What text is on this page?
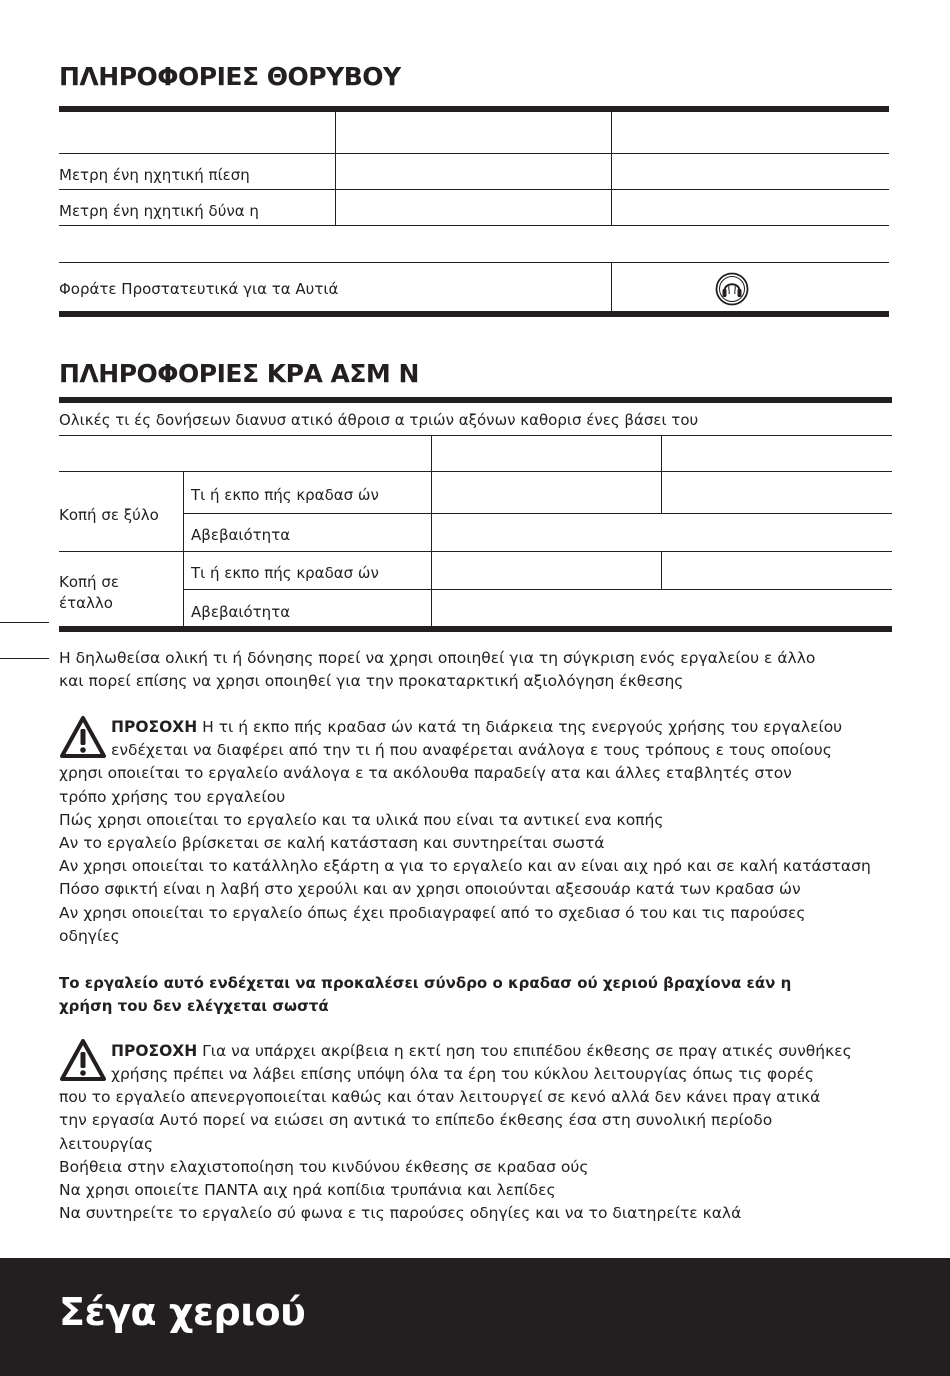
ΠΛΗΡΟΦΟΡΙΕΣ ΘΟΡΥΒΟΥ
Μετρη ένη ηχητική πίεση
Μετρη ένη ηχητική δύνα η
Φοράτε Προστατευτικά για τα Αυτιά
ΠΛΗΡΟΦΟΡΙΕΣ ΚΡΑ ΑΣΜ Ν
Ολικές τι ές δονήσεων διανυσ ατικό άθροισ α τριών αξόνων καθορισ ένες βάσει του
Κοπή σε ξύλο
Τι ή εκπο πής κραδασ ών
Αβεβαιότητα
Κοπή σε
έταλλο
Τι ή εκπο πής κραδασ ών
Αβεβαιότητα
Η δηλωθείσα ολική τι ή δόνησης πορεί να χρησι οποιηθεί για τη σύγκριση ενός εργαλείου ε άλλο
και πορεί επίσης να χρησι οποιηθεί για την προκαταρκτική αξιολόγηση έκθεσης
ΠΡΟΣΟΧΗ Η τι ή εκπο πής κραδασ ών κατά τη διάρκεια της ενεργούς χρήσης του εργαλείου
ενδέχεται να διαφέρει από την τι ή που αναφέρεται ανάλογα ε τους τρόπους ε τους οποίους
χρησι οποιείται το εργαλείο ανάλογα ε τα ακόλουθα παραδείγ ατα και άλλες εταβλητές στον
τρόπο χρήσης του εργαλείου
Πώς χρησι οποιείται το εργαλείο και τα υλικά που είναι τα αντικεί ενα κοπής
Αν το εργαλείο βρίσκεται σε καλή κατάσταση και συντηρείται σωστά
Αν χρησι οποιείται το κατάλληλο εξάρτη α για το εργαλείο και αν είναι αιχ ηρό και σε καλή κατάσταση
Πόσο σφικτή είναι η λαβή στο χερούλι και αν χρησι οποιούνται αξεσουάρ κατά των κραδασ ών
Αν χρησι οποιείται το εργαλείο όπως έχει προδιαγραφεί από το σχεδιασ ό του και τις παρούσες
οδηγίες
Το εργαλείο αυτό ενδέχεται να προκαλέσει σύνδρο ο κραδασ ού χεριού βραχίονα εάν η
χρήση του δεν ελέγχεται σωστά
ΠΡΟΣΟΧΗ Για να υπάρχει ακρίβεια η εκτί ηση του επιπέδου έκθεσης σε πραγ ατικές συνθήκες
χρήσης πρέπει να λάβει επίσης υπόψη όλα τα έρη του κύκλου λειτουργίας όπως τις φορές
που το εργαλείο απενεργοποιείται καθώς και όταν λειτουργεί σε κενό αλλά δεν κάνει πραγ ατικά
την εργασία Αυτό πορεί να ειώσει ση αντικά το επίπεδο έκθεσης έσα στη συνολική περίοδο
λειτουργίας
Βοήθεια στην ελαχιστοποίηση του κινδύνου έκθεσης σε κραδασ ούς
Να χρησι οποιείτε ΠΑΝΤΑ αιχ ηρά κοπίδια τρυπάνια και λεπίδες
Να συντηρείτε το εργαλείο σύ φωνα ε τις παρούσες οδηγίες και να το διατηρείτε καλά
Σέγα χεριού
